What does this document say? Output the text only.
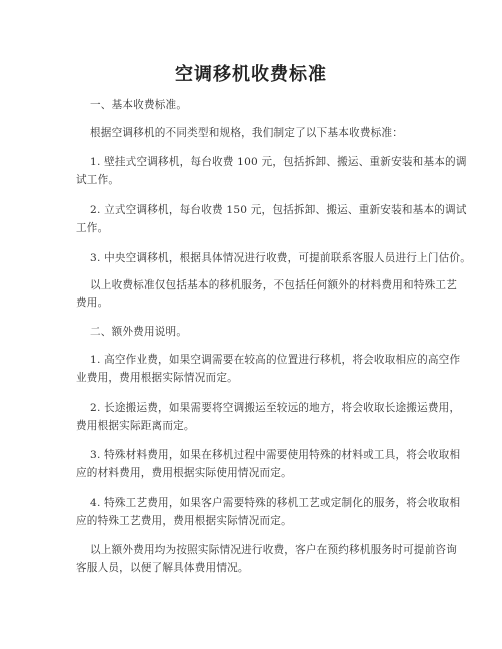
空调移机收费标准
一、基本收费标准。
根据空调移机的不同类型和规格，我们制定了以下基本收费标准：
1. 壁挂式空调移机，每台收费 100 元，包括拆卸、搬运、重新安装和基本的调
试工作。
2. 立式空调移机，每台收费 150 元，包括拆卸、搬运、重新安装和基本的调试
工作。
3. 中央空调移机，根据具体情况进行收费，可提前联系客服人员进行上门估价。
以上收费标准仅包括基本的移机服务，不包括任何额外的材料费用和特殊工艺
费用。
二、额外费用说明。
1. 高空作业费，如果空调需要在较高的位置进行移机，将会收取相应的高空作
业费用，费用根据实际情况而定。
2. 长途搬运费，如果需要将空调搬运至较远的地方，将会收取长途搬运费用，
费用根据实际距离而定。
3. 特殊材料费用，如果在移机过程中需要使用特殊的材料或工具，将会收取相
应的材料费用，费用根据实际使用情况而定。
4. 特殊工艺费用，如果客户需要特殊的移机工艺或定制化的服务，将会收取相
应的特殊工艺费用，费用根据实际情况而定。
以上额外费用均为按照实际情况进行收费，客户在预约移机服务时可提前咨询
客服人员，以便了解具体费用情况。
